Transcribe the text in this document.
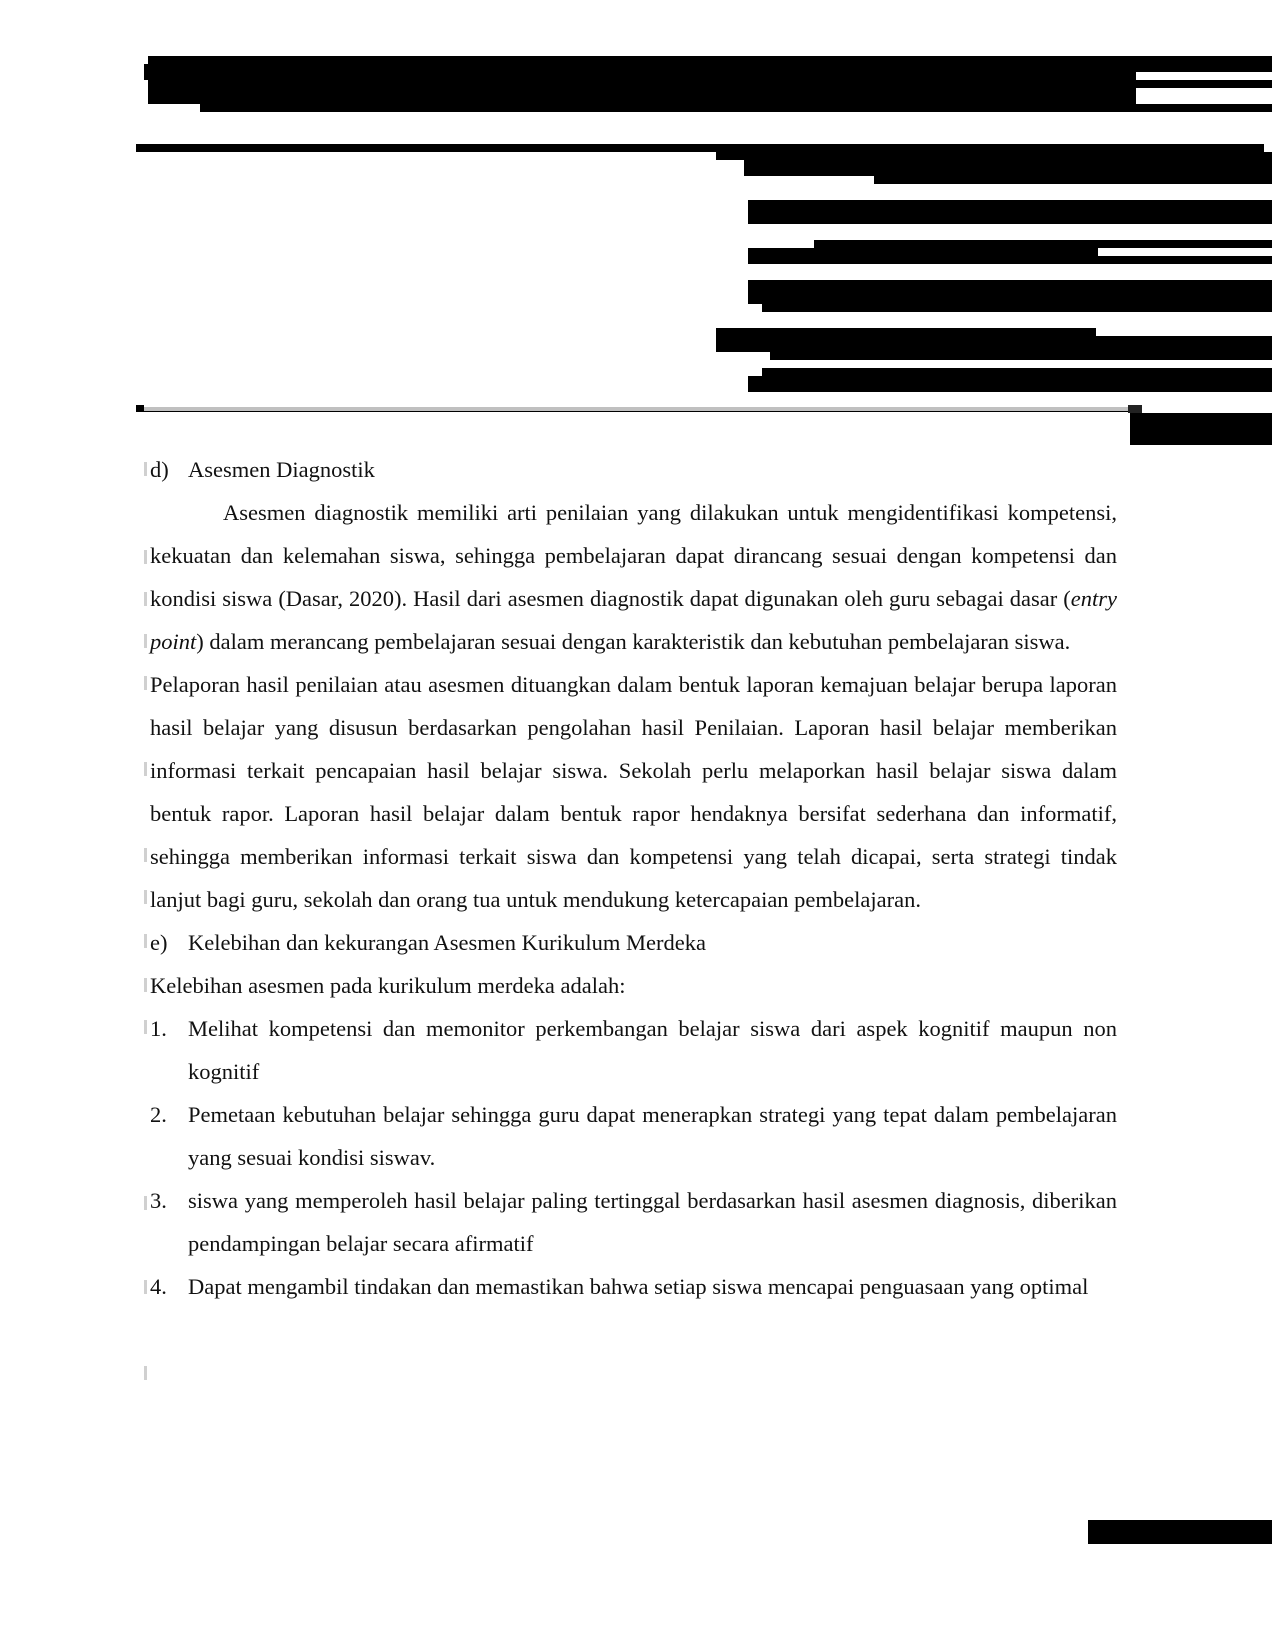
d) Asesmen Diagnostik

Asesmen diagnostik memiliki arti penilaian yang dilakukan untuk mengidentifikasi kompetensi, kekuatan dan kelemahan siswa, sehingga pembelajaran dapat dirancang sesuai dengan kompetensi dan kondisi siswa (Dasar, 2020). Hasil dari asesmen diagnostik dapat digunakan oleh guru sebagai dasar (entry point) dalam merancang pembelajaran sesuai dengan karakteristik dan kebutuhan pembelajaran siswa.

Pelaporan hasil penilaian atau asesmen dituangkan dalam bentuk laporan kemajuan belajar berupa laporan hasil belajar yang disusun berdasarkan pengolahan hasil Penilaian. Laporan hasil belajar memberikan informasi terkait pencapaian hasil belajar siswa. Sekolah perlu melaporkan hasil belajar siswa dalam bentuk rapor. Laporan hasil belajar dalam bentuk rapor hendaknya bersifat sederhana dan informatif, sehingga memberikan informasi terkait siswa dan kompetensi yang telah dicapai, serta strategi tindak lanjut bagi guru, sekolah dan orang tua untuk mendukung ketercapaian pembelajaran.

e) Kelebihan dan kekurangan Asesmen Kurikulum Merdeka

Kelebihan asesmen pada kurikulum merdeka adalah:

1. Melihat kompetensi dan memonitor perkembangan belajar siswa dari aspek kognitif maupun non kognitif
2. Pemetaan kebutuhan belajar sehingga guru dapat menerapkan strategi yang tepat dalam pembelajaran yang sesuai kondisi siswav.
3. siswa yang memperoleh hasil belajar paling tertinggal berdasarkan hasil asesmen diagnosis, diberikan pendampingan belajar secara afirmatif
4. Dapat mengambil tindakan dan memastikan bahwa setiap siswa mencapai penguasaan yang optimal
